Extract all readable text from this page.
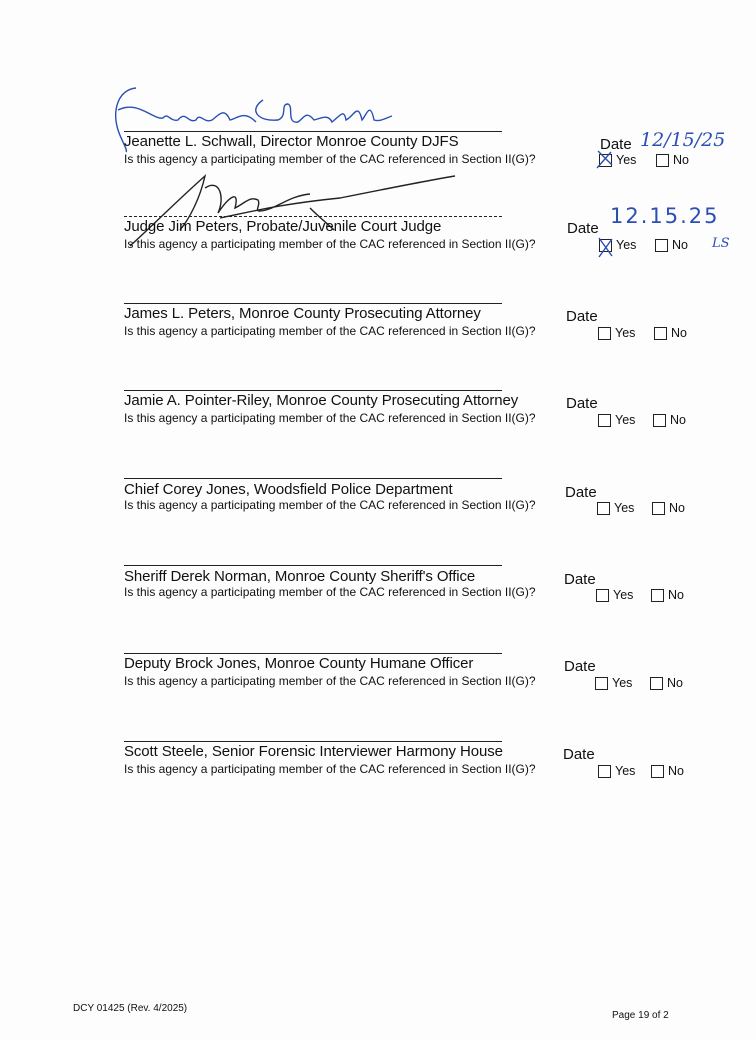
Jeanette L. Schwall, Director Monroe County DJFS	Date 12/15/25
Is this agency a participating member of the CAC referenced in Section II(G)?	Yes	No
Judge Jim Peters, Probate/Juvenile Court Judge	Date
12.15.25
Is this agency a participating member of the CAC referenced in Section II(G)?	Yes	No LS
James L. Peters, Monroe County Prosecuting Attorney	Date
Is this agency a participating member of the CAC referenced in Section II(G)?	Yes	No
Jamie A. Pointer-Riley, Monroe County Prosecuting Attorney	Date
Is this agency a participating member of the CAC referenced in Section II(G)?	Yes	No
Chief Corey Jones, Woodsfield Police Department	Date
Is this agency a participating member of the CAC referenced in Section II(G)?	Yes	No
Sheriff Derek Norman, Monroe County Sheriff's Office	Date
Is this agency a participating member of the CAC referenced in Section II(G)?	Yes	No
Deputy Brock Jones, Monroe County Humane Officer	Date
Is this agency a participating member of the CAC referenced in Section II(G)?	Yes	No
Scott Steele, Senior Forensic Interviewer Harmony House	Date
Is this agency a participating member of the CAC referenced in Section II(G)?	Yes	No
DCY 01425 (Rev. 4/2025)
Page 19 of 2
